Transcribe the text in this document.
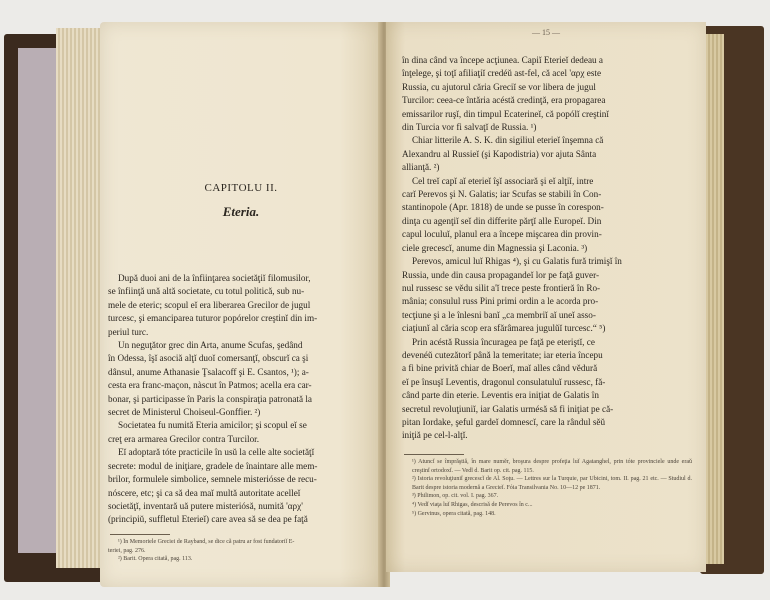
CAPITOLU II.
Eteria.
După duoi ani de la înfiinţarea societăţiĭ filomusilor,
se înfiinţă ună altă societate, cu totul politică, sub nu-
mele de eteric; scopul eĭ era liberarea Grecilor de jugul
turcesc, şi emanciparea tuturor popórelor creştinĭ din im-
periul turc.
Un neguţător grec din Arta, anume Scufas, şedând
în Odessa, îşĭ asociă alţĭ duoĭ comersanţĭ, obscurĭ ca şi
dânsul, anume Athanasie Ţsalacoff şi E. Csantos, ¹); a-
cesta era franc-maçon, nàscut în Patmos; acella era car-
bonar, şi participasse în Paris la conspiraţia patronată la
secret de Ministerul Choiseul-Gonffier. ²)
Societatea fu numită Eteria amicilor; şi scopul eĭ se
creţ era armarea Grecilor contra Turcilor.
Eĭ adoptară tóte practicile în usŭ la celle alte societăţĭ
secrete: modul de iniţiare, gradele de înaintare alle mem-
brilor, formulele simbolice, semnele misteriósse de recu-
nóscere, etc; şi ca să dea maĭ multă autoritate acelleĭ
societăţĭ, inventară uă putere misteriósă, numită 'αρχ'
(principiŭ, suffletul Eterieĭ) care avea să se dea pe faţă
¹) În Memoriele Greciei de Rayband, se dice că patru ar fost fundatoriĭ E-
teriei, pag. 276.
²) Barit. Opera citată, pag. 113.
— 15 —
în dina când va începe acţiunea. Capiĭ Eterieĭ dedeau a
înţelege, şi toţĭ afiliaţiĭ credéŭ ast-fel, că acel 'αρχ este
Russia, cu ajutorul căria Greciĭ se vor libera de jugul
Turcilor: ceea-ce întăria acéstă credinţă, era propagarea
emissarilor ruşĭ, din timpul Ecaterineĭ, că popólĭ creştinĭ
din Turcia vor fi salvaţĭ de Russia. ¹)
Chiar litterile A. S. K. din sigiliul eterieĭ înşemna că
Alexandru al Russieĭ (şi Kapodistria) vor ajuta Sânta
allianţă. ²)
Cel treĭ capĭ aĭ eterieĭ îşĭ associară şi eĭ alţiĭ, intre
carĭ Perevos şi N. Galatis; iar Scufas se stabili în Con-
stantinopole (Apr. 1818) de unde se pusse în corespon-
dinţa cu agenţiĭ seĭ din differite părţĭ alle Europeĭ. Din
capul loculuĭ, planul era a începe mişcarea din provin-
ciele grecescĭ, anume din Magnessia şi Laconia. ³)
Perevos, amicul luĭ Rhigas ⁴), şi cu Galatis fură trimişĭ în
Russia, unde din causa propagandeĭ lor pe faţă guver-
nul russesc se vĕdu silit a'ĭ trece peste frontieră în Ro-
mânia; consulul russ Pini primi ordin a le acorda pro-
tecţiune şi a le înlesni banĭ „ca membriĭ aĭ uneĭ asso-
ciaţiunĭ al căria scop era sfărâmarea jugulŭĭ turcesc.“ ⁵)
Prin acéstă Russia încuragea pe faţă pe eteriştĭ, ce
devenéŭ cutezătorĭ până la temeritate; iar eteria începu
a fi bine privită chiar de Boerĭ, maĭ alles când vĕdură
eĭ pe însuşĭ Leventis, dragonul consulatuluĭ russesc, fă-
când parte din eterie. Leventis era iniţiat de Galatis în
secretul revoluţiuniĭ, iar Galatis urmésă să fi iniţiat pe că-
pitan Iordake, şeful gardeĭ domnescĭ, care la rândul sĕŭ
iniţiă pe cel-l-alţĭ.
¹) Atuncĭ se împrăştiă, în mare numĕr, broşura despre profeţia luĭ Agatanghel, prin tóte provinciele unde eraŭ creştinĭ ortodoxĭ. — Vedĭ d. Barit op. cit. pag. 115.
²) Istoria revoluţiuniĭ grecescĭ de Al. Soţu. — Lettres sur la Turquie, par Ubicini, tom. II. pag. 21 etc. — Studiul d. Barit despre istoria modernă a Grecieĭ. Fóia Transilvania No. 10—12 pe 1871.
³) Philimon, op. cit. vol. I. pag. 367.
⁴) Vedĭ viaţa luĭ Rhigas, descrisă de Perevos în c...
⁵) Gervinus, opera citată, pag. 148.
